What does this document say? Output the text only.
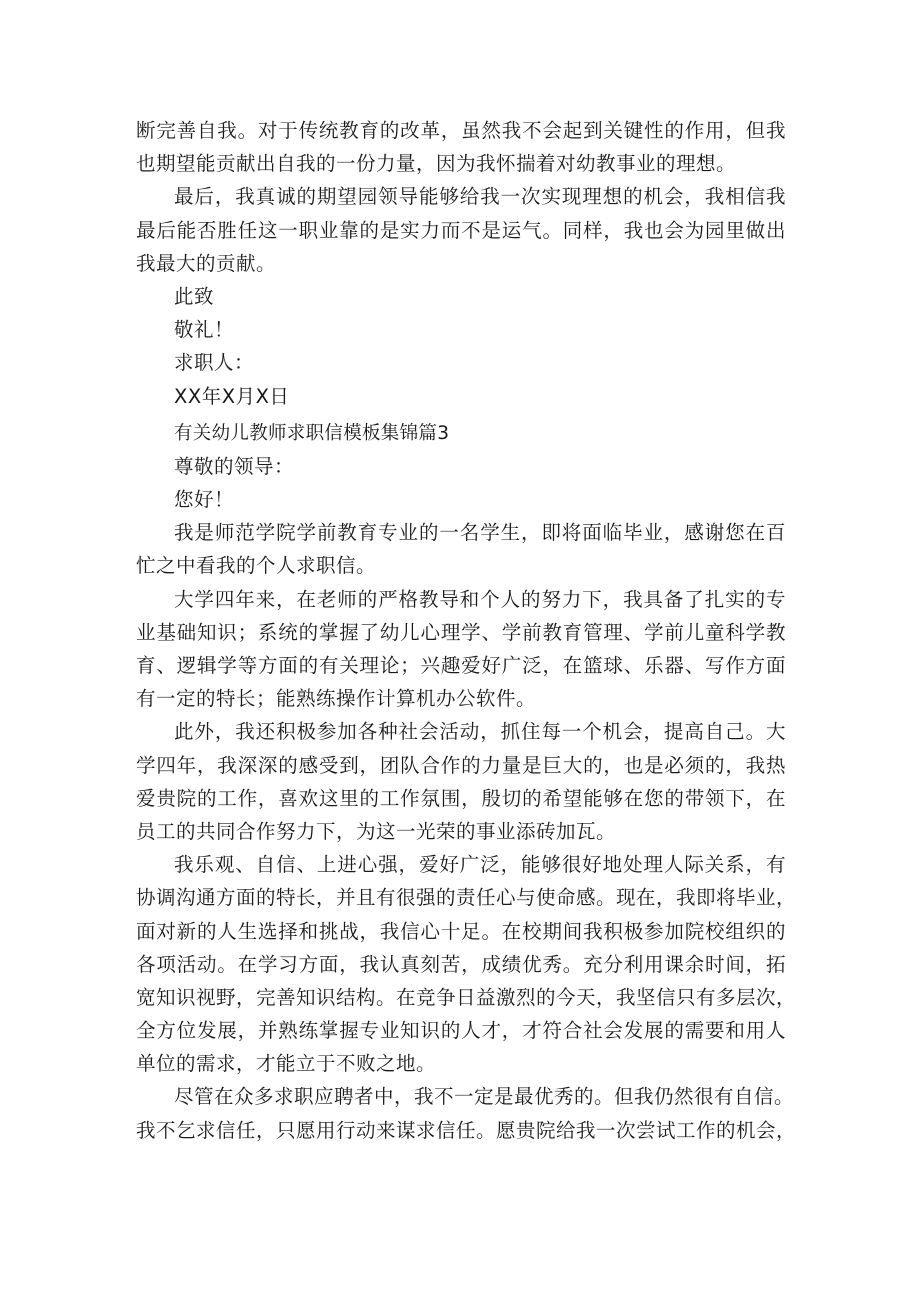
断完善自我。对于传统教育的改革，虽然我不会起到关键性的作用，但我
也期望能贡献出自我的一份力量，因为我怀揣着对幼教事业的理想。
最后，我真诚的期望园领导能够给我一次实现理想的机会，我相信我
最后能否胜任这一职业靠的是实力而不是运气。同样，我也会为园里做出
我最大的贡献。
此致
敬礼！
求职人：
XX年X月X日
有关幼儿教师求职信模板集锦篇3
尊敬的领导：
您好！
我是师范学院学前教育专业的一名学生，即将面临毕业，感谢您在百
忙之中看我的个人求职信。
大学四年来，在老师的严格教导和个人的努力下，我具备了扎实的专
业基础知识；系统的掌握了幼儿心理学、学前教育管理、学前儿童科学教
育、逻辑学等方面的有关理论；兴趣爱好广泛，在篮球、乐器、写作方面
有一定的特长；能熟练操作计算机办公软件。
此外，我还积极参加各种社会活动，抓住每一个机会，提高自己。大
学四年，我深深的感受到，团队合作的力量是巨大的，也是必须的，我热
爱贵院的工作，喜欢这里的工作氛围，殷切的希望能够在您的带领下，在
员工的共同合作努力下，为这一光荣的事业添砖加瓦。
我乐观、自信、上进心强，爱好广泛，能够很好地处理人际关系，有
协调沟通方面的特长，并且有很强的责任心与使命感。现在，我即将毕业，
面对新的人生选择和挑战，我信心十足。在校期间我积极参加院校组织的
各项活动。在学习方面，我认真刻苦，成绩优秀。充分利用课余时间，拓
宽知识视野，完善知识结构。在竞争日益激烈的今天，我坚信只有多层次，
全方位发展，并熟练掌握专业知识的人才，才符合社会发展的需要和用人
单位的需求，才能立于不败之地。
尽管在众多求职应聘者中，我不一定是最优秀的。但我仍然很有自信。
我不乞求信任，只愿用行动来谋求信任。愿贵院给我一次尝试工作的机会，
